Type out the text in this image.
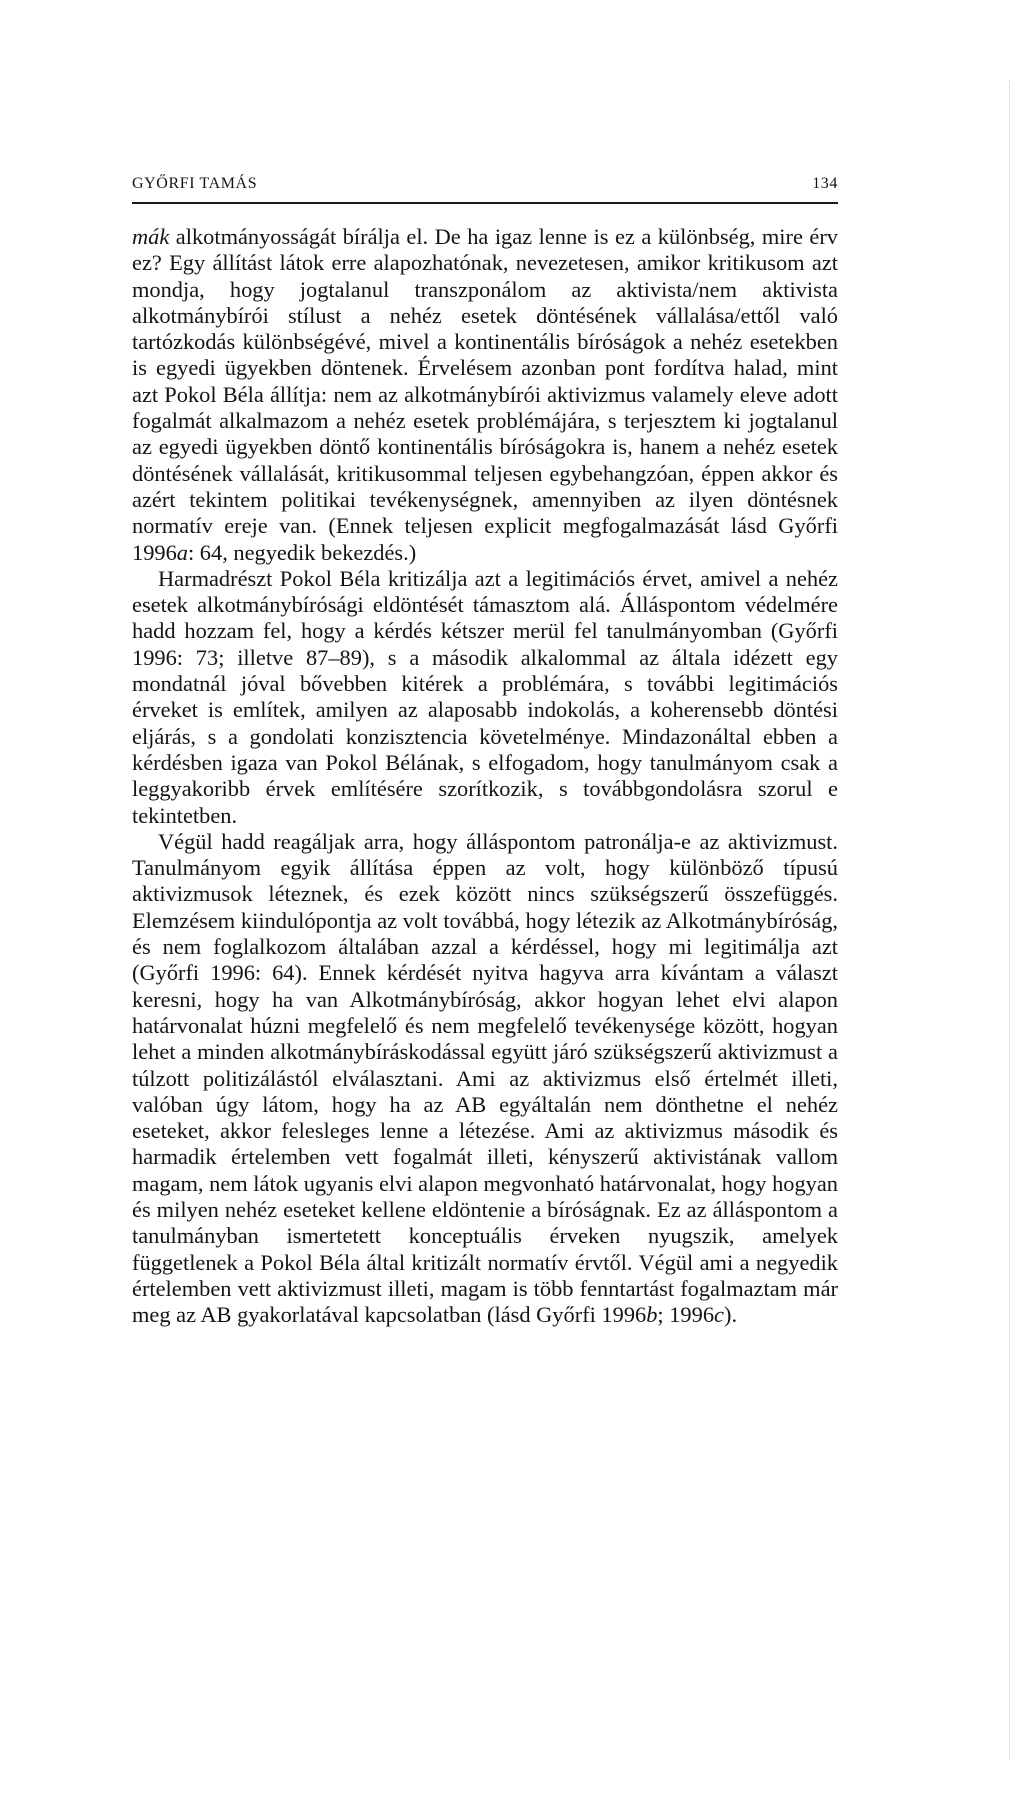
GYŐRFI TAMÁS	134

mák alkotmányosságát bírálja el. De ha igaz lenne is ez a különbség, mire érv ez? Egy állítást látok erre alapozhatónak, nevezetesen, amikor kritikusom azt mondja, hogy jogtalanul transzponálom az aktivista/nem aktivista alkotmánybírói stílust a nehéz esetek döntésének vállalása/ettől való tartózkodás különbségévé, mivel a kontinentális bíróságok a nehéz esetekben is egyedi ügyekben döntenek. Érvelésem azonban pont fordítva halad, mint azt Pokol Béla állítja: nem az alkotmánybírói aktivizmus valamely eleve adott fogalmát alkalmazom a nehéz esetek problémájára, s terjesztem ki jogtalanul az egyedi ügyekben döntő kontinentális bíróságokra is, hanem a nehéz esetek döntésének vállalását, kritikusommal teljesen egybehangzóan, éppen akkor és azért tekintem politikai tevékenységnek, amennyiben az ilyen döntésnek normatív ereje van. (Ennek teljesen explicit megfogalmazását lásd Győrfi 1996a: 64, negyedik bekezdés.)

Harmadrészt Pokol Béla kritizálja azt a legitimációs érvet, amivel a nehéz esetek alkotmánybírósági eldöntését támasztom alá. Álláspontom védelmére hadd hozzam fel, hogy a kérdés kétszer merül fel tanulmányomban (Győrfi 1996: 73; illetve 87–89), s a második alkalommal az általa idézett egy mondatnál jóval bővebben kitérek a problémára, s további legitimációs érveket is említek, amilyen az alaposabb indokolás, a koherensebb döntési eljárás, s a gondolati konzisztencia követelménye. Mindazonáltal ebben a kérdésben igaza van Pokol Bélának, s elfogadom, hogy tanulmányom csak a leggyakoribb érvek említésére szorítkozik, s továbbgondolásra szorul e tekintetben.

Végül hadd reagáljak arra, hogy álláspontom patronálja-e az aktivizmust. Tanulmányom egyik állítása éppen az volt, hogy különböző típusú aktivizmusok léteznek, és ezek között nincs szükségszerű összefüggés. Elemzésem kiindulópontja az volt továbbá, hogy létezik az Alkotmánybíróság, és nem foglalkozom általában azzal a kérdéssel, hogy mi legitimálja azt (Győrfi 1996: 64). Ennek kérdését nyitva hagyva arra kívántam a választ keresni, hogy ha van Alkotmánybíróság, akkor hogyan lehet elvi alapon határvonalat húzni megfelelő és nem megfelelő tevékenysége között, hogyan lehet a minden alkotmánybíráskodással együtt járó szükségszerű aktivizmust a túlzott politizálástól elválasztani. Ami az aktivizmus első értelmét illeti, valóban úgy látom, hogy ha az AB egyáltalán nem dönthetne el nehéz eseteket, akkor felesleges lenne a létezése. Ami az aktivizmus második és harmadik értelemben vett fogalmát illeti, kényszerű aktivistának vallom magam, nem látok ugyanis elvi alapon megvonható határvonalat, hogy hogyan és milyen nehéz eseteket kellene eldöntenie a bíróságnak. Ez az álláspontom a tanulmányban ismertetett konceptuális érveken nyugszik, amelyek függetlenek a Pokol Béla által kritizált normatív érvtől. Végül ami a negyedik értelemben vett aktivizmust illeti, magam is több fenntartást fogalmaztam már meg az AB gyakorlatával kapcsolatban (lásd Győrfi 1996b; 1996c).
